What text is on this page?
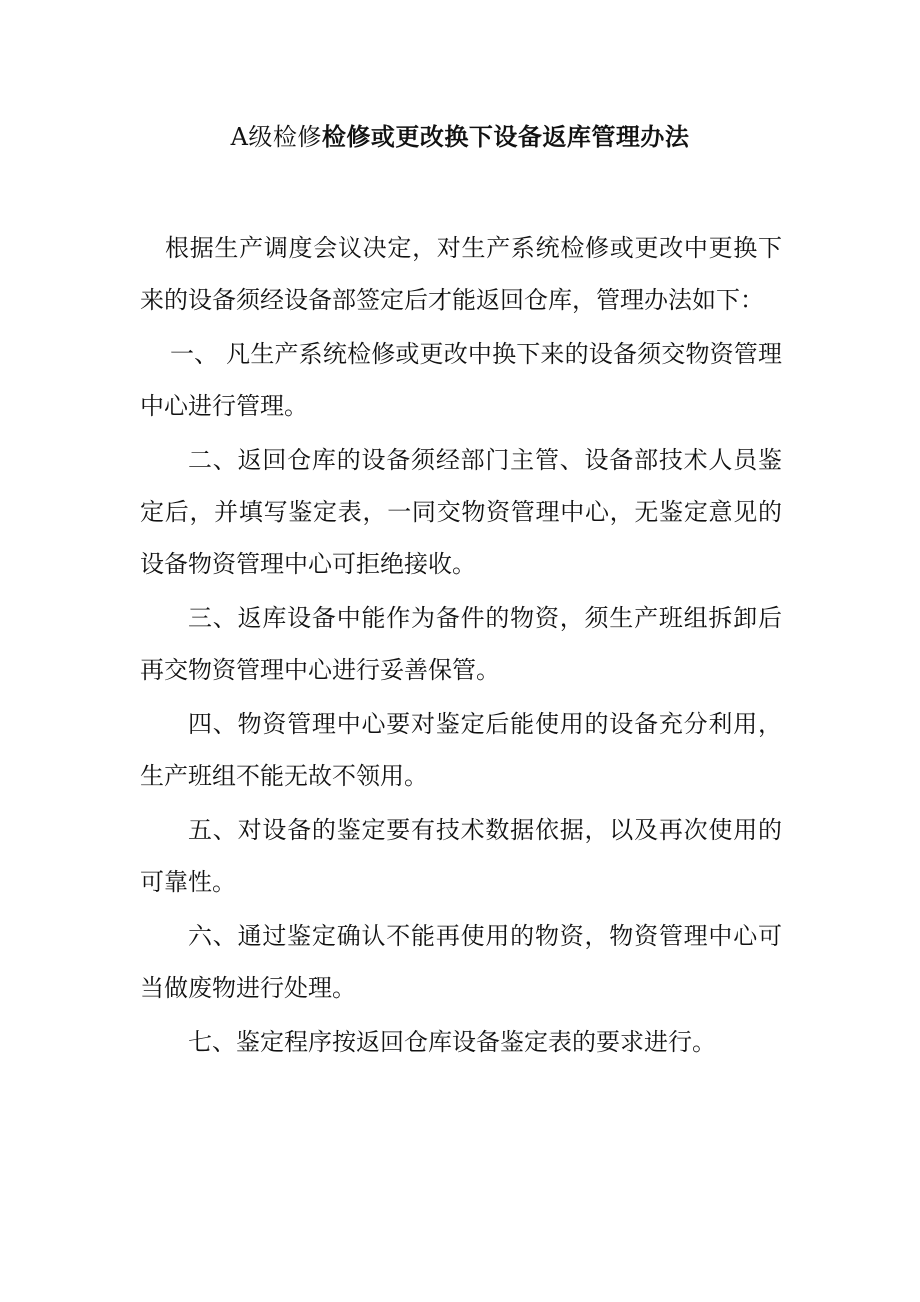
A级检修检修或更改换下设备返库管理办法

根据生产调度会议决定，对生产系统检修或更改中更换下来的设备须经设备部签定后才能返回仓库，管理办法如下：

一、 凡生产系统检修或更改中换下来的设备须交物资管理中心进行管理。

二、返回仓库的设备须经部门主管、设备部技术人员鉴定后，并填写鉴定表，一同交物资管理中心，无鉴定意见的设备物资管理中心可拒绝接收。

三、返库设备中能作为备件的物资，须生产班组拆卸后再交物资管理中心进行妥善保管。

四、物资管理中心要对鉴定后能使用的设备充分利用，生产班组不能无故不领用。

五、对设备的鉴定要有技术数据依据，以及再次使用的可靠性。

六、通过鉴定确认不能再使用的物资，物资管理中心可当做废物进行处理。

七、鉴定程序按返回仓库设备鉴定表的要求进行。
